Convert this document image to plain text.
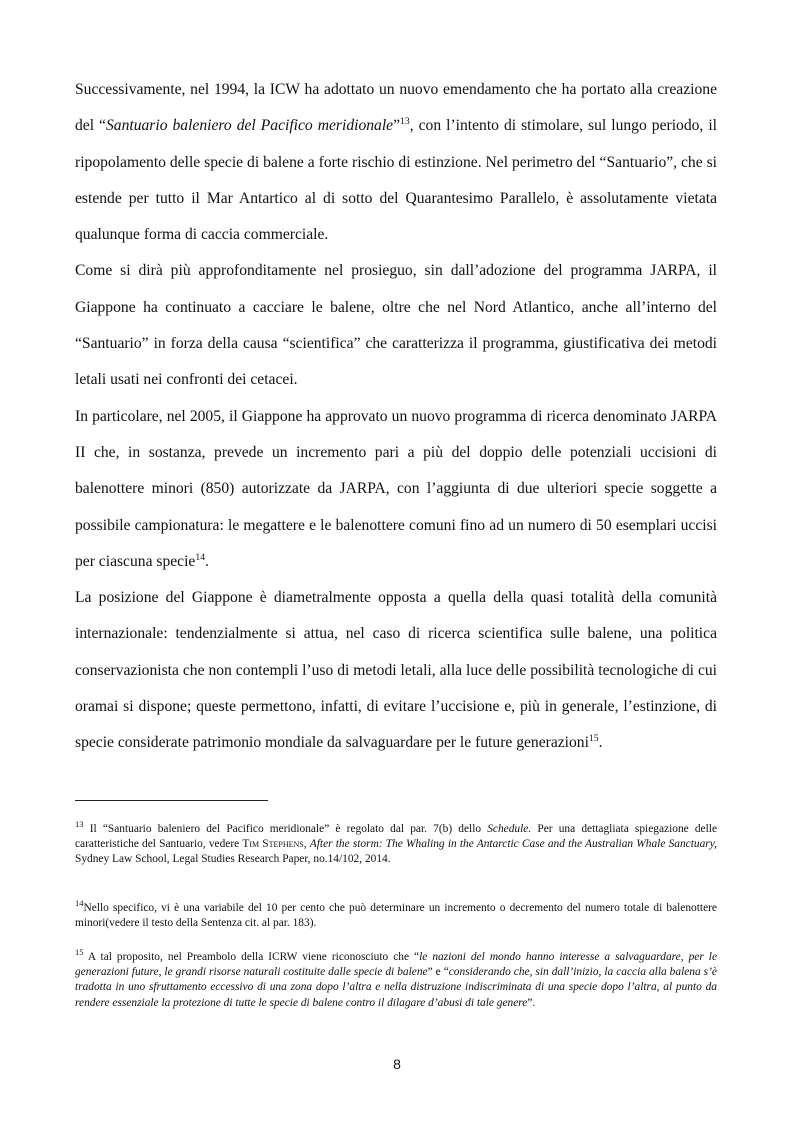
Successivamente, nel 1994, la ICW ha adottato un nuovo emendamento che ha portato alla creazione del “Santuario baleniero del Pacifico meridionale”$^{13}$, con l’intento di stimolare, sul lungo periodo, il ripopolamento delle specie di balene a forte rischio di estinzione. Nel perimetro del “Santuario”, che si estende per tutto il Mar Antartico al di sotto del Quarantesimo Parallelo, è assolutamente vietata qualunque forma di caccia commerciale.

Come si dirà più approfonditamente nel prosieguo, sin dall’adozione del programma JARPA, il Giappone ha continuato a cacciare le balene, oltre che nel Nord Atlantico, anche all’interno del “Santuario” in forza della causa “scientifica” che caratterizza il programma, giustificativa dei metodi letali usati nei confronti dei cetacei.

In particolare, nel 2005, il Giappone ha approvato un nuovo programma di ricerca denominato JARPA II che, in sostanza, prevede un incremento pari a più del doppio delle potenziali uccisioni di balenottere minori (850) autorizzate da JARPA, con l’aggiunta di due ulteriori specie soggette a possibile campionatura: le megattere e le balenottere comuni fino ad un numero di 50 esemplari uccisi per ciascuna specie$^{14}$.

La posizione del Giappone è diametralmente opposta a quella della quasi totalità della comunità internazionale: tendenzialmente si attua, nel caso di ricerca scientifica sulle balene, una politica conservazionista che non contempli l’uso di metodi letali, alla luce delle possibilità tecnologiche di cui oramai si dispone; queste permettono, infatti, di evitare l’uccisione e, più in generale, l’estinzione, di specie considerate patrimonio mondiale da salvaguardare per le future generazioni$^{15}$.

$^{13}$ Il “Santuario baleniero del Pacifico meridionale” è regolato dal par. 7(b) dello Schedule. Per una dettagliata spiegazione delle caratteristiche del Santuario, vedere Tim Stephens, After the storm: The Whaling in the Antarctic Case and the Australian Whale Sanctuary, Sydney Law School, Legal Studies Research Paper, no.14/102, 2014.

$^{14}$Nello specifico, vi è una variabile del 10 per cento che può determinare un incremento o decremento del numero totale di balenottere minori(vedere il testo della Sentenza cit. al par. 183).

$^{15}$ A tal proposito, nel Preambolo della ICRW viene riconosciuto che “le nazioni del mondo hanno interesse a salvaguardare, per le generazioni future, le grandi risorse naturali costituite dalle specie di balene” e “considerando che, sin dall’inizio, la caccia alla balena s’è tradotta in uno sfruttamento eccessivo di una zona dopo l’altra e nella distruzione indiscriminata di una specie dopo l’altra, al punto da rendere essenziale la protezione di tutte le specie di balene contro il dilagare d’abusi di tale genere”.

8
